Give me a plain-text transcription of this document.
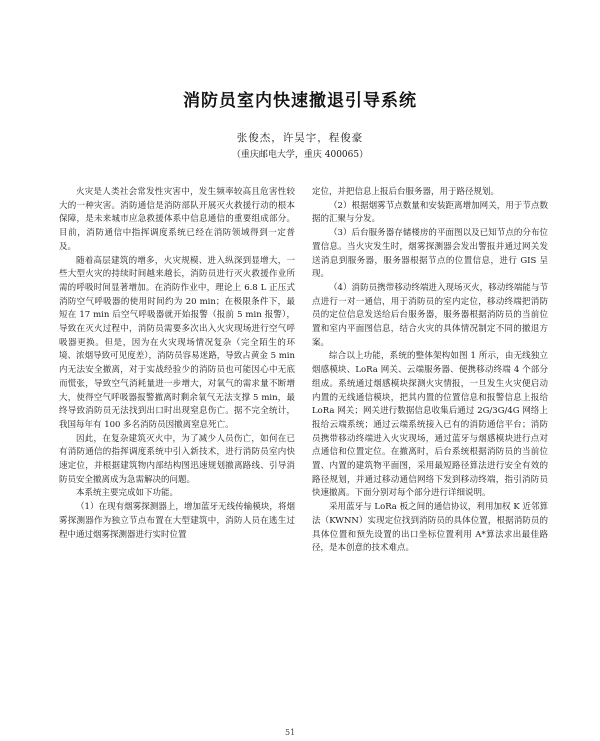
消防员室内快速撤退引导系统
张俊杰，许昊宇，程俊豪
（重庆邮电大学，重庆 400065）

火灾是人类社会常发性灾害中，发生频率较高且危害性较大的一种灾害。消防通信是消防部队开展灭火救援行动的根本保障，是未来城市应急救援体系中信息通信的重要组成部分。目前，消防通信中指挥调度系统已经在消防领域得到一定普及。

随着高层建筑的增多，火灾规模、进入纵深到显增大，一些大型火灾的持续时间越来越长，消防员进行灭火救援作业所需的呼吸时间显著增加。在消防作业中，理论上 6.8 L 正压式消防空气呼吸器的使用时间约为 20 min；在极限条件下，最短在 17 min 后空气呼吸器就开始报警（报前 5 min 报警），导致在灭火过程中，消防员需要多次出入火灾现场进行空气呼吸器更换。但是，因为在火灾现场情况复杂（完全陌生的环境、浓烟导致可见度差），消防员容易迷路，导致占黄金 5 min 内无法安全撤离，对于实战经验少的消防员也可能因心中无底而慌张，导致空气消耗量进一步增大，对氧气的需求量不断增大，使得空气呼吸器报警撤离时剩余氧气无法支撑 5 min，最终导致消防员无法找到出口时出现窒息伤亡。据不完全统计，我国每年有 100 多名消防员因撤离窒息死亡。

因此，在复杂建筑灭火中，为了减少人员伤亡，如何在已有消防通信的指挥调度系统中引入新技术，进行消防员室内快速定位，并根据建筑物内部结构图迅速规划撤离路线、引导消防员安全撤离成为急需解决的问题。

本系统主要完成如下功能。

（1）在现有烟雾探测器上，增加蓝牙无线传输模块，将烟雾探测器作为独立节点布置在大型建筑中，消防人员在逃生过程中通过烟雾探测器进行实时位置

定位，并把信息上报后台服务器，用于路径规划。

（2）根据烟雾节点数量和安装距离增加网关，用于节点数据的汇聚与分发。

（3）后台服务器存储楼房的平面图以及已知节点的分布位置信息。当火灾发生时，烟雾探测器会发出警报并通过网关发送消息到服务器，服务器根据节点的位置信息，进行 GIS 呈现。

（4）消防员携带移动终端进入现场灭火，移动终端能与节点进行一对一通信，用于消防员的室内定位，移动终端把消防员的定位信息发送给后台服务器，服务器根据消防员的当前位置和室内平面图信息，结合火灾的具体情况制定不同的撤退方案。

综合以上功能，系统的整体架构如图 1 所示，由无线独立烟感模块、LoRa 网关、云端服务器、便携移动终端 4 个部分组成。系统通过烟感模块探测火灾情报，一旦发生火灾便启动内置的无线通信模块，把其内置的位置信息和报警信息上报给 LoRa 网关；网关进行数据信息收集后通过 2G/3G/4G 网络上报给云端系统；通过云端系统接入已有的消防通信平台；消防员携带移动终端进入火灾现场，通过蓝牙与烟感模块进行点对点通信和位置定位。在撤离时，后台系统根据消防员的当前位置、内置的建筑物平面图，采用最短路径算法进行安全有效的路径规划，并通过移动通信网络下发到移动终端，指引消防员快速撤离。下面分别对每个部分进行详细说明。

采用蓝牙与 LoRa 板之间的通信协议，利用加权 K 近邻算法（KWNN）实现定位找到消防员的具体位置，根据消防员的具体位置和预先设置的出口坐标位置利用 A*算法求出最佳路径，是本创意的技术难点。

51
